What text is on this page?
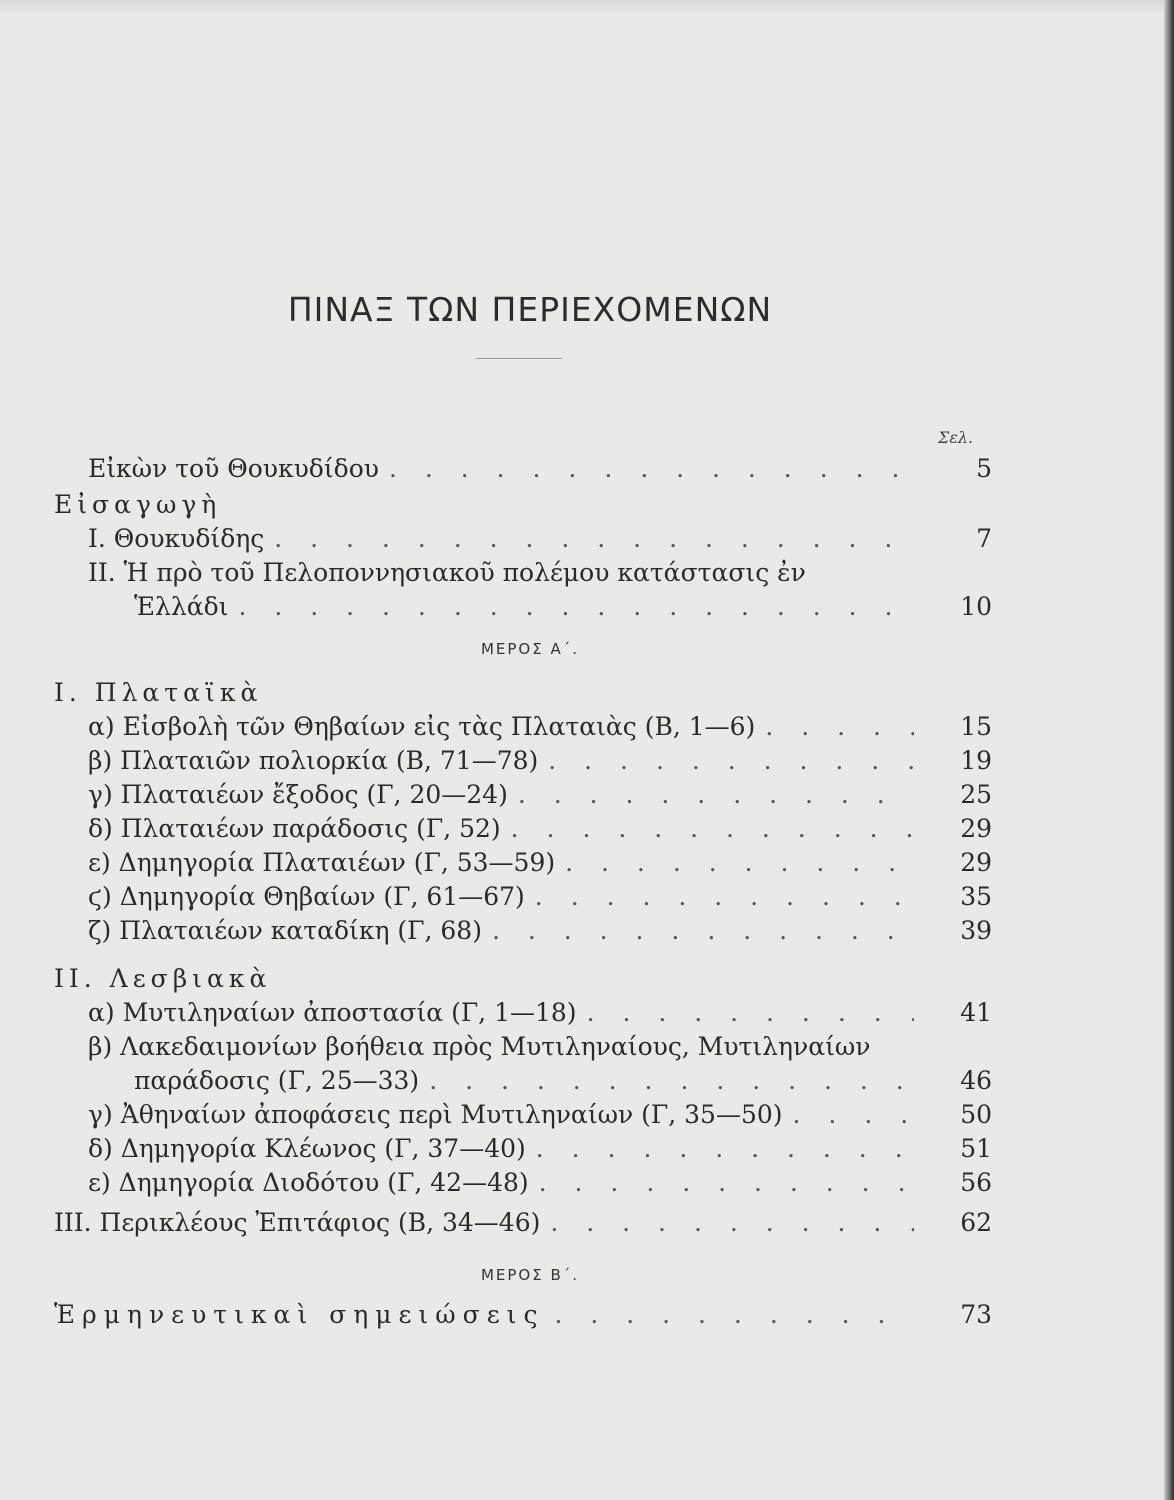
ΠΙΝΑΞ ΤΩΝ ΠΕΡΙΕΧΟΜΕΝΩΝ
Σελ.
Εἰκὼν τοῦ Θουκυδίδου . . .	5
Εἰσαγωγὴ
I. Θουκυδίδης . . .	7
II. Ἡ πρὸ τοῦ Πελοποννησιακοῦ πολέμου κατάστασις ἐν
Ἑλλάδι . . .	10
ΜΕΡΟΣ Α΄.
I. Πλαταϊκὰ
α) Εἰσβολὴ τῶν Θηβαίων εἰς τὰς Πλαταιὰς (Β, 1—6) . . .	15
β) Πλαταιῶν πολιορκία (Β, 71—78) . . .	19
γ) Πλαταιέων ἔξοδος (Γ, 20—24) . . .	25
δ) Πλαταιέων παράδοσις (Γ, 52) . . .	29
ε) Δημηγορία Πλαταιέων (Γ, 53—59) . . .	29
ϛ) Δημηγορία Θηβαίων (Γ, 61—67) . . .	35
ζ) Πλαταιέων καταδίκη (Γ, 68) . . .	39
II. Λεσβιακὰ
α) Μυτιληναίων ἀποστασία (Γ, 1—18) . . .	41
β) Λακεδαιμονίων βοήθεια πρὸς Μυτιληναίους, Μυτιληναίων
παράδοσις (Γ, 25—33) . . .	46
γ) Ἀθηναίων ἀποφάσεις περὶ Μυτιληναίων (Γ, 35—50) . . .	50
δ) Δημηγορία Κλέωνος (Γ, 37—40) . . .	51
ε) Δημηγορία Διοδότου (Γ, 42—48) . . .	56
III. Περικλέους Ἐπιτάφιος (Β, 34—46) . . .	62
ΜΕΡΟΣ Β΄.
Ἑρμηνευτικαὶ σημειώσεις . . .	73
